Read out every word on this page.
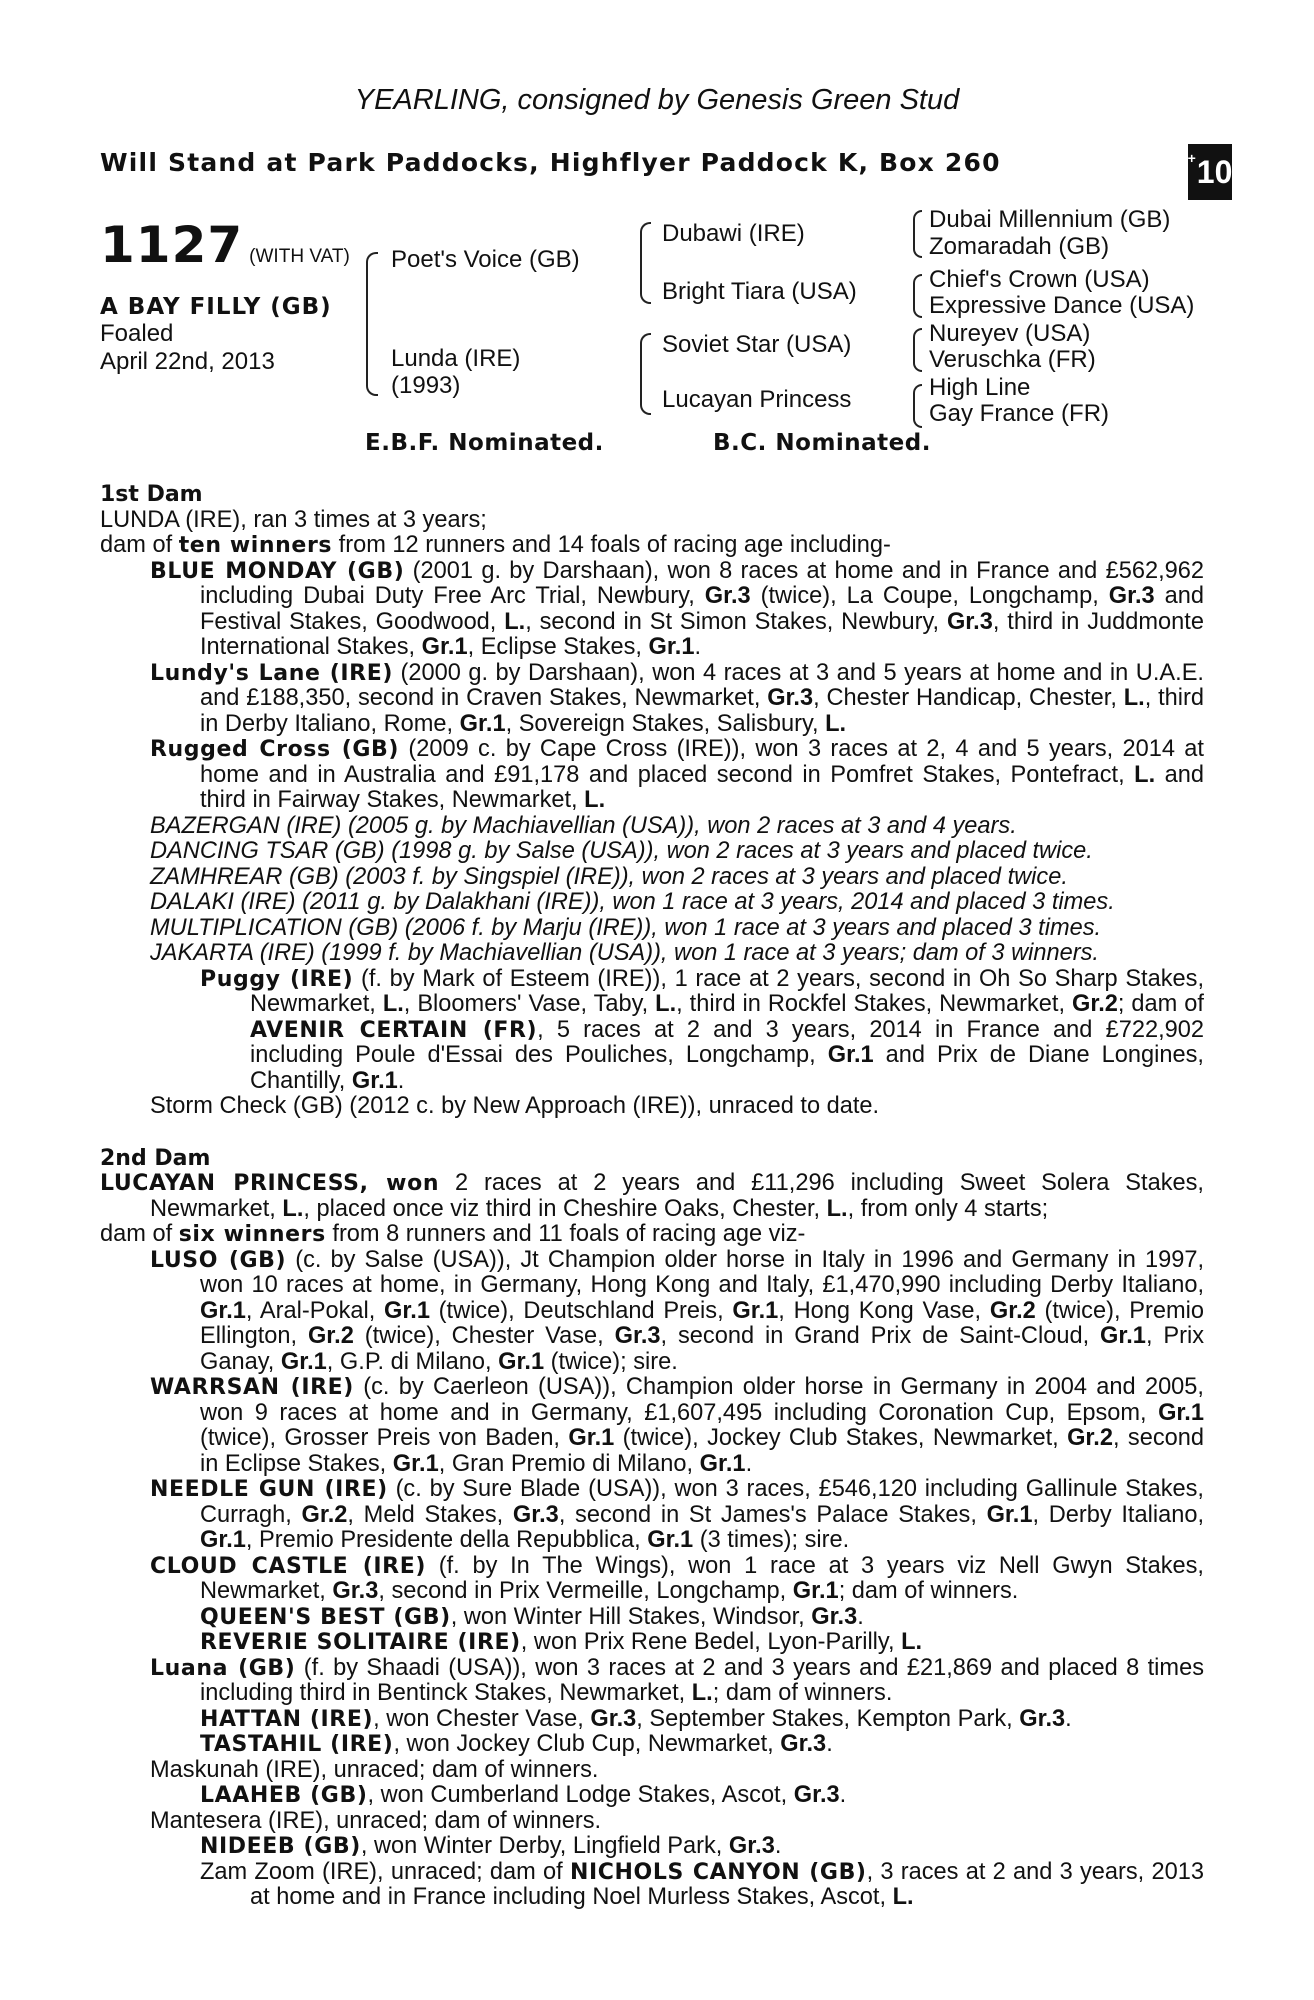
YEARLING, consigned by Genesis Green Stud
Will Stand at Park Paddocks, Highflyer Paddock K, Box 260	+ 10
1127 (WITH VAT)
A BAY FILLY (GB)
Foaled
April 22nd, 2013
Poet's Voice (GB)
Lunda (IRE)
(1993)
Dubawi (IRE)
Bright Tiara (USA)
Soviet Star (USA)
Lucayan Princess
Dubai Millennium (GB)
Zomaradah (GB)
Chief's Crown (USA)
Expressive Dance (USA)
Nureyev (USA)
Veruschka (FR)
High Line
Gay France (FR)
E.B.F. Nominated.	B.C. Nominated.
1st Dam

LUNDA (IRE), ran 3 times at 3 years;

dam of ten winners from 12 runners and 14 foals of racing age including-

BLUE MONDAY (GB) (2001 g. by Darshaan), won 8 races at home and in France and £562,962 including Dubai Duty Free Arc Trial, Newbury, Gr.3 (twice), La Coupe, Longchamp, Gr.3 and Festival Stakes, Goodwood, L., second in St Simon Stakes, Newbury, Gr.3, third in Juddmonte International Stakes, Gr.1, Eclipse Stakes, Gr.1.

Lundy's Lane (IRE) (2000 g. by Darshaan), won 4 races at 3 and 5 years at home and in U.A.E. and £188,350, second in Craven Stakes, Newmarket, Gr.3, Chester Handicap, Chester, L., third in Derby Italiano, Rome, Gr.1, Sovereign Stakes, Salisbury, L.

Rugged Cross (GB) (2009 c. by Cape Cross (IRE)), won 3 races at 2, 4 and 5 years, 2014 at home and in Australia and £91,178 and placed second in Pomfret Stakes, Pontefract, L. and third in Fairway Stakes, Newmarket, L.

BAZERGAN (IRE) (2005 g. by Machiavellian (USA)), won 2 races at 3 and 4 years.

DANCING TSAR (GB) (1998 g. by Salse (USA)), won 2 races at 3 years and placed twice.

ZAMHREAR (GB) (2003 f. by Singspiel (IRE)), won 2 races at 3 years and placed twice.

DALAKI (IRE) (2011 g. by Dalakhani (IRE)), won 1 race at 3 years, 2014 and placed 3 times.

MULTIPLICATION (GB) (2006 f. by Marju (IRE)), won 1 race at 3 years and placed 3 times.

JAKARTA (IRE) (1999 f. by Machiavellian (USA)), won 1 race at 3 years; dam of 3 winners.

Puggy (IRE) (f. by Mark of Esteem (IRE)), 1 race at 2 years, second in Oh So Sharp Stakes, Newmarket, L., Bloomers' Vase, Taby, L., third in Rockfel Stakes, Newmarket, Gr.2; dam of AVENIR CERTAIN (FR), 5 races at 2 and 3 years, 2014 in France and £722,902 including Poule d'Essai des Pouliches, Longchamp, Gr.1 and Prix de Diane Longines, Chantilly, Gr.1.

Storm Check (GB) (2012 c. by New Approach (IRE)), unraced to date.

2nd Dam

LUCAYAN PRINCESS, won 2 races at 2 years and £11,296 including Sweet Solera Stakes, Newmarket, L., placed once viz third in Cheshire Oaks, Chester, L., from only 4 starts;

dam of six winners from 8 runners and 11 foals of racing age viz-

LUSO (GB) (c. by Salse (USA)), Jt Champion older horse in Italy in 1996 and Germany in 1997, won 10 races at home, in Germany, Hong Kong and Italy, £1,470,990 including Derby Italiano, Gr.1, Aral-Pokal, Gr.1 (twice), Deutschland Preis, Gr.1, Hong Kong Vase, Gr.2 (twice), Premio Ellington, Gr.2 (twice), Chester Vase, Gr.3, second in Grand Prix de Saint-Cloud, Gr.1, Prix Ganay, Gr.1, G.P. di Milano, Gr.1 (twice); sire.

WARRSAN (IRE) (c. by Caerleon (USA)), Champion older horse in Germany in 2004 and 2005, won 9 races at home and in Germany, £1,607,495 including Coronation Cup, Epsom, Gr.1 (twice), Grosser Preis von Baden, Gr.1 (twice), Jockey Club Stakes, Newmarket, Gr.2, second in Eclipse Stakes, Gr.1, Gran Premio di Milano, Gr.1.

NEEDLE GUN (IRE) (c. by Sure Blade (USA)), won 3 races, £546,120 including Gallinule Stakes, Curragh, Gr.2, Meld Stakes, Gr.3, second in St James's Palace Stakes, Gr.1, Derby Italiano, Gr.1, Premio Presidente della Repubblica, Gr.1 (3 times); sire.

CLOUD CASTLE (IRE) (f. by In The Wings), won 1 race at 3 years viz Nell Gwyn Stakes, Newmarket, Gr.3, second in Prix Vermeille, Longchamp, Gr.1; dam of winners.

QUEEN'S BEST (GB), won Winter Hill Stakes, Windsor, Gr.3.

REVERIE SOLITAIRE (IRE), won Prix Rene Bedel, Lyon-Parilly, L.

Luana (GB) (f. by Shaadi (USA)), won 3 races at 2 and 3 years and £21,869 and placed 8 times including third in Bentinck Stakes, Newmarket, L.; dam of winners.

HATTAN (IRE), won Chester Vase, Gr.3, September Stakes, Kempton Park, Gr.3.

TASTAHIL (IRE), won Jockey Club Cup, Newmarket, Gr.3.

Maskunah (IRE), unraced; dam of winners.

LAAHEB (GB), won Cumberland Lodge Stakes, Ascot, Gr.3.

Mantesera (IRE), unraced; dam of winners.

NIDEEB (GB), won Winter Derby, Lingfield Park, Gr.3.

Zam Zoom (IRE), unraced; dam of NICHOLS CANYON (GB), 3 races at 2 and 3 years, 2013 at home and in France including Noel Murless Stakes, Ascot, L.
